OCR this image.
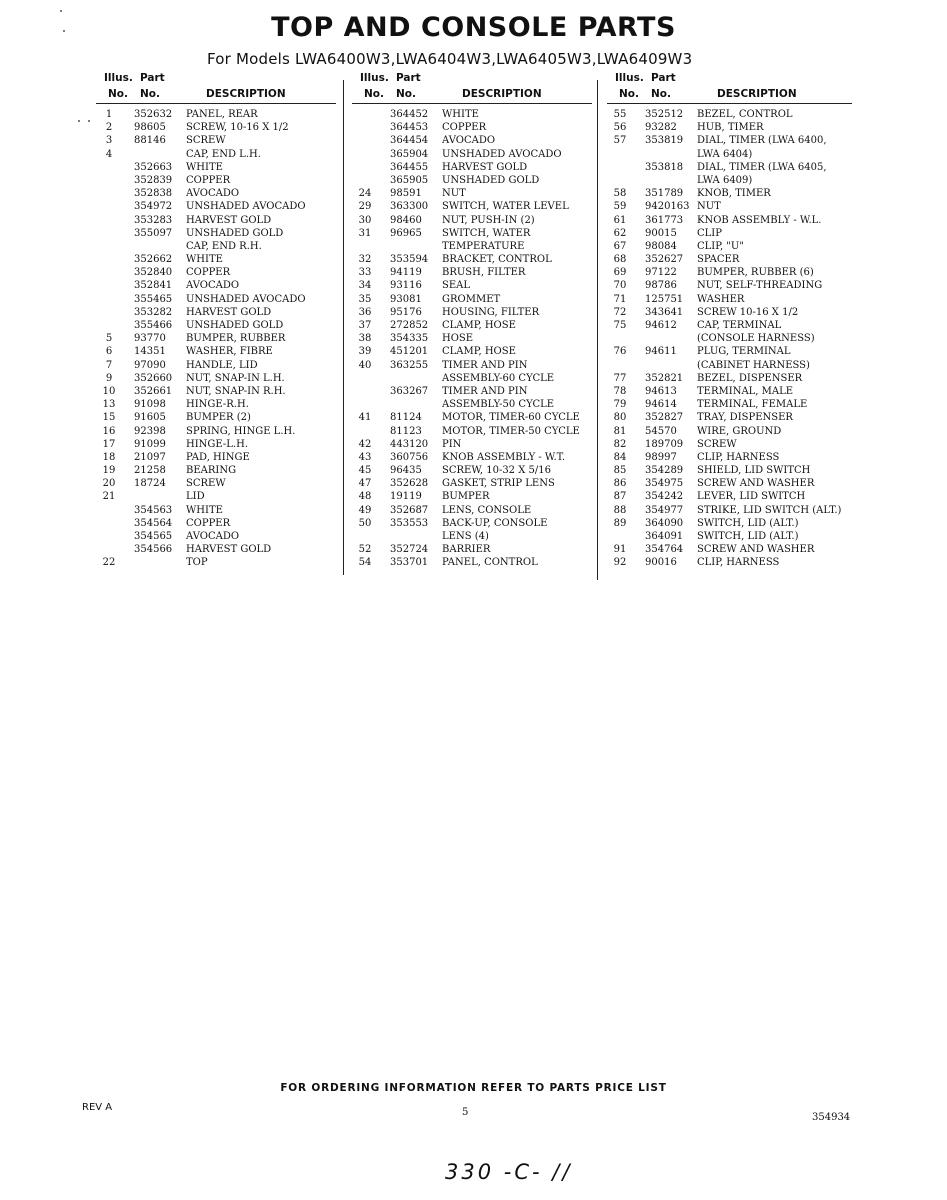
TOP AND CONSOLE PARTS
For Models LWA6400W3,LWA6404W3,LWA6405W3,LWA6409W3
Illus.
No.
Part
No.	DESCRIPTION
1	352632 PANEL, REAR
2	98605 SCREW, 10-16 X 1/2
3	88146 SCREW
4	CAP, END L.H.
352663 WHITE
352839 COPPER
352838 AVOCADO
354972 UNSHADED AVOCADO
353283 HARVEST GOLD
355097 UNSHADED GOLD
CAP, END R.H.
352662 WHITE
352840 COPPER
352841 AVOCADO
355465 UNSHADED AVOCADO
353282 HARVEST GOLD
355466 UNSHADED GOLD
5	93770 BUMPER, RUBBER
6	14351 WASHER, FIBRE
7	97090 HANDLE, LID
9	352660 NUT, SNAP-IN L.H.
10	352661 NUT, SNAP-IN R.H.
13	91098 HINGE-R.H.
15	91605 BUMPER (2)
16	92398 SPRING, HINGE L.H.
17	91099 HINGE-L.H.
18	21097 PAD, HINGE
19	21258 BEARING
20	18724 SCREW
21	LID
354563 WHITE
354564 COPPER
354565 AVOCADO
354566 HARVEST GOLD
22	TOP
Illus.
No.
Part
No.	DESCRIPTION
364452 WHITE
364453 COPPER
364454 AVOCADO
365904 UNSHADED AVOCADO
364455 HARVEST GOLD
365905 UNSHADED GOLD
24	98591 NUT
29	363300 SWITCH, WATER LEVEL
30	98460 NUT, PUSH-IN (2)
31	96965 SWITCH, WATER
TEMPERATURE
32	353594 BRACKET, CONTROL
33	94119 BRUSH, FILTER
34	93116 SEAL
35	93081 GROMMET
36	95176 HOUSING, FILTER
37	272852 CLAMP, HOSE
38	354335 HOSE
39	451201 CLAMP, HOSE
40	363255 TIMER AND PIN
ASSEMBLY-60 CYCLE
363267 TIMER AND PIN
ASSEMBLY-50 CYCLE
41	81124 MOTOR, TIMER-60 CYCLE
81123 MOTOR, TIMER-50 CYCLE
42	443120 PIN
43	360756 KNOB ASSEMBLY - W.T.
45	96435 SCREW, 10-32 X 5/16
47	352628 GASKET, STRIP LENS
48	19119 BUMPER
49	352687 LENS, CONSOLE
50	353553 BACK-UP, CONSOLE
LENS (4)
52	352724 BARRIER
54	353701 PANEL, CONTROL
Illus.
No.
Part
No.	DESCRIPTION
55	352512 BEZEL, CONTROL
56	93282 HUB, TIMER
57	353819 DIAL, TIMER (LWA 6400,
LWA 6404)
353818 DIAL, TIMER (LWA 6405,
LWA 6409)
58	351789 KNOB, TIMER
59	9420163 NUT
61	361773 KNOB ASSEMBLY - W.L.
62	90015 CLIP
67	98084 CLIP, "U"
68	352627 SPACER
69	97122 BUMPER, RUBBER (6)
70	98786 NUT, SELF-THREADING
71	125751 WASHER
72	343641 SCREW 10-16 X 1/2
75	94612 CAP, TERMINAL
(CONSOLE HARNESS)
76	94611 PLUG, TERMINAL
(CABINET HARNESS)
77	352821 BEZEL, DISPENSER
78	94613 TERMINAL, MALE
79	94614 TERMINAL, FEMALE
80	352827 TRAY, DISPENSER
81	54570 WIRE, GROUND
82	189709 SCREW
84	98997 CLIP, HARNESS
85	354289 SHIELD, LID SWITCH
86	354975 SCREW AND WASHER
87	354242 LEVER, LID SWITCH
88	354977 STRIKE, LID SWITCH (ALT.)
89	364090 SWITCH, LID (ALT.)
364091 SWITCH, LID (ALT.)
91	354764 SCREW AND WASHER
92	90016 CLIP, HARNESS
FOR ORDERING INFORMATION REFER TO PARTS PRICE LIST
REV A	5	354934
330 -C- //
